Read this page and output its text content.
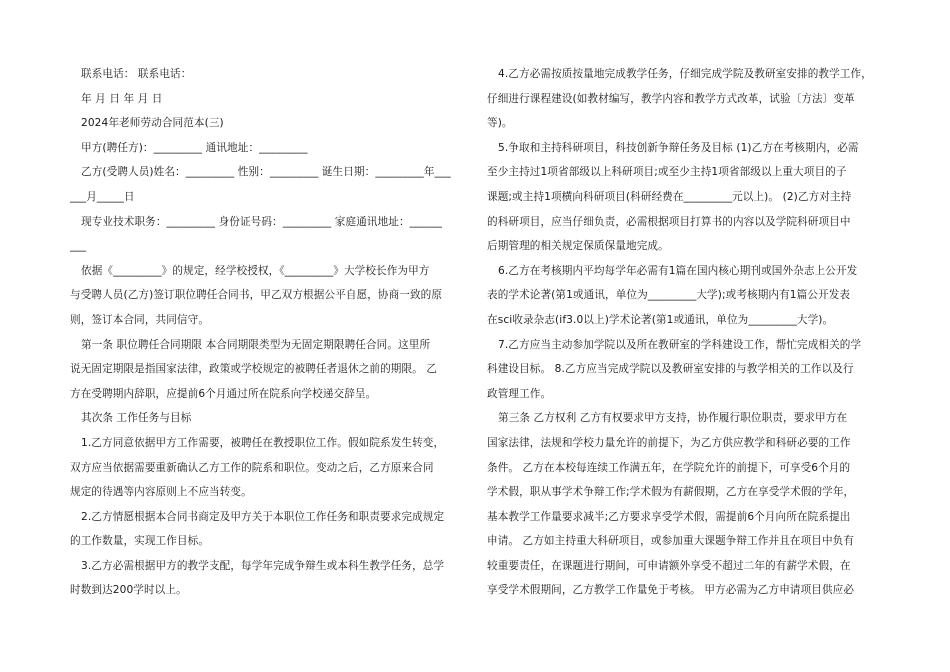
联系电话： 联系电话：
年 月 日 年 月 日
2024年老师劳动合同范本(三)
甲方(聘任方)：_________ 通讯地址：_________
乙方(受聘人员)姓名：_________ 性别：_________ 诞生日期：_________年___
___月_____日
现专业技术职务：_________ 身份证号码：_________ 家庭通讯地址：______
___
依据《_________》的规定，经学校授权，《_________》大学校长作为甲方
与受聘人员(乙方)签订职位聘任合同书，甲乙双方根据公平自愿，协商一致的原
则，签订本合同，共同信守。
第一条 职位聘任合同期限 本合同期限类型为无固定期限聘任合同。这里所
说无固定期限是指国家法律，政策或学校规定的被聘任者退休之前的期限。 乙
方在受聘期内辞职，应提前6个月通过所在院系向学校递交辞呈。
其次条 工作任务与目标
1.乙方同意依据甲方工作需要，被聘任在教授职位工作。假如院系发生转变，
双方应当依据需要重新确认乙方工作的院系和职位。变动之后，乙方原来合同
规定的待遇等内容原则上不应当转变。
2.乙方情愿根据本合同书商定及甲方关于本职位工作任务和职责要求完成规定
的工作数量，实现工作目标。
3.乙方必需根据甲方的教学支配，每学年完成争辩生或本科生教学任务，总学
时数到达200学时以上。
4.乙方必需按质按量地完成教学任务，仔细完成学院及教研室安排的教学工作，
仔细进行课程建设(如教材编写，教学内容和教学方式改革，试验〔方法〕变革
等)。
5.争取和主持科研项目，科技创新争辩任务及目标 (1)乙方在考核期内，必需
至少主持过1项省部级以上科研项目;或至少主持1项省部级以上重大项目的子
课题;或主持1项横向科研项目(科研经费在_________元以上)。 (2)乙方对主持
的科研项目，应当仔细负责，必需根据项目打算书的内容以及学院科研项目中
后期管理的相关规定保质保量地完成。
6.乙方在考核期内平均每学年必需有1篇在国内核心期刊或国外杂志上公开发
表的学术论著(第1或通讯，单位为_________大学);或考核期内有1篇公开发表
在sci收录杂志(if3.0以上)学术论著(第1或通讯，单位为_________大学)。
7.乙方应当主动参加学院以及所在教研室的学科建设工作，帮忙完成相关的学
科建设目标。 8.乙方应当完成学院以及教研室安排的与教学相关的工作以及行
政管理工作。
第三条 乙方权利 乙方有权要求甲方支持，协作履行职位职责，要求甲方在
国家法律，法规和学校力量允许的前提下，为乙方供应教学和科研必要的工作
条件。 乙方在本校每连续工作满五年，在学院允许的前提下，可享受6个月的
学术假，职从事学术争辩工作;学术假为有薪假期，乙方在享受学术假的学年，
基本教学工作量要求减半;乙方要求享受学术假，需提前6个月向所在院系提出
申请。 乙方如主持重大科研项目，或参加重大课题争辩工作并且在项目中负有
较重要责任，在课题进行期间，可申请额外享受不超过二年的有薪学术假，在
享受学术假期间，乙方教学工作量免于考核。 甲方必需为乙方申请项目供应必
